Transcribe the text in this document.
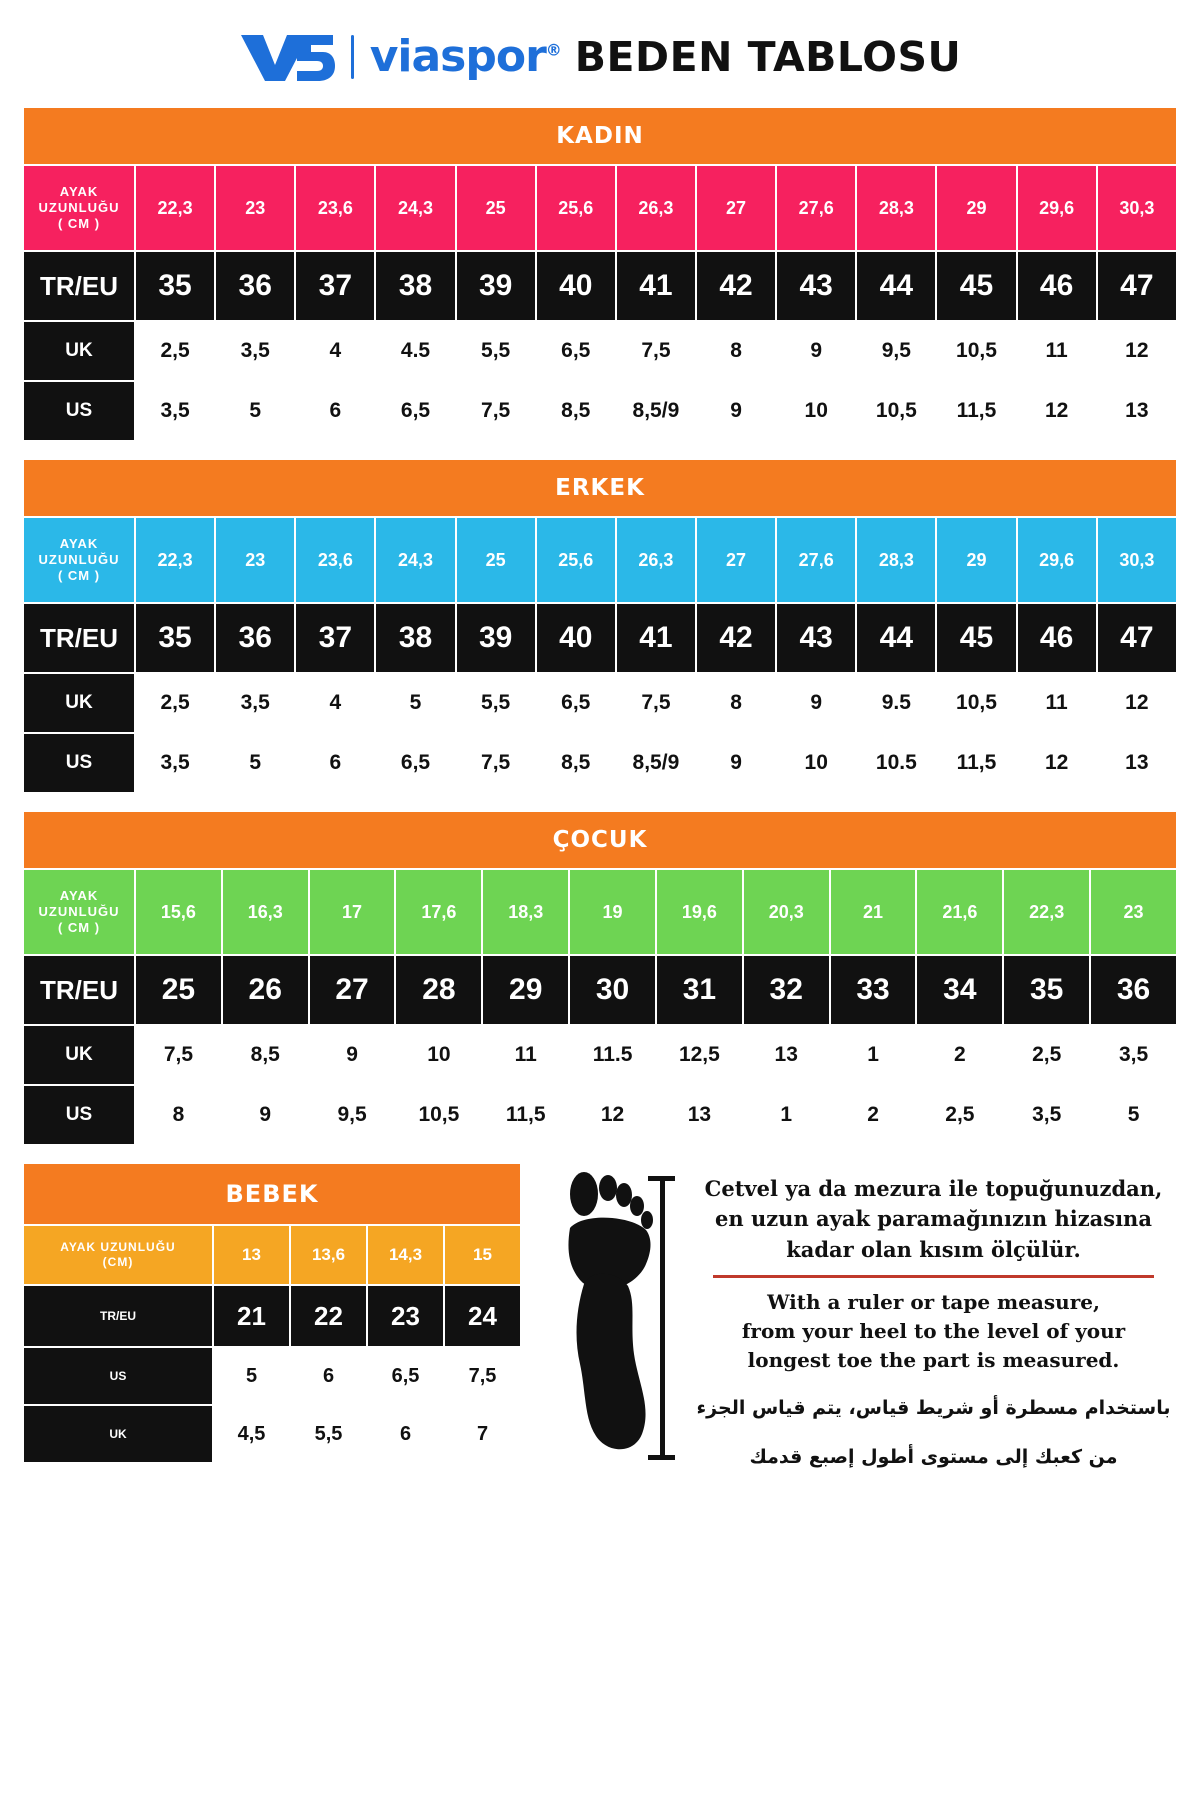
viaspor® BEDEN TABLOSU
KADIN													

AYAK
UZUNLUĞU
( CM )	22,3	23	23,6	24,3	25	25,6	26,3	27	27,6	28,3	29	29,6	30,3
TR/EU	35	36	37	38	39	40	41	42	43	44	45	46	47
UK	2,5	3,5	4	4.5	5,5	6,5	7,5	8	9	9,5	10,5	11	12
US	3,5	5	6	6,5	7,5	8,5	8,5/9	9	10	10,5	11,5	12	13
ERKEK													

AYAK
UZUNLUĞU
( CM )	22,3	23	23,6	24,3	25	25,6	26,3	27	27,6	28,3	29	29,6	30,3
TR/EU	35	36	37	38	39	40	41	42	43	44	45	46	47
UK	2,5	3,5	4	5	5,5	6,5	7,5	8	9	9.5	10,5	11	12
US	3,5	5	6	6,5	7,5	8,5	8,5/9	9	10	10.5	11,5	12	13
ÇOCUK												

AYAK
UZUNLUĞU
( CM )	15,6	16,3	17	17,6	18,3	19	19,6	20,3	21	21,6	22,3	23
TR/EU	25	26	27	28	29	30	31	32	33	34	35	36
UK	7,5	8,5	9	10	11	11.5	12,5	13	1	2	2,5	3,5
US	8	9	9,5	10,5	11,5	12	13	1	2	2,5	3,5	5
BEBEK				

AYAK UZUNLUĞU
(CM)	13	13,6	14,3	15
TR/EU	21	22	23	24
US	5	6	6,5	7,5
UK	4,5	5,5	6	7
Cetvel ya da mezura ile topuğunuzdan,
en uzun ayak paramağınızın hizasına
kadar olan kısım ölçülür.
With a ruler or tape measure,
from your heel to the level of your
longest toe the part is measured.
باستخدام مسطرة أو شريط قياس، يتم قياس الجزء
من كعبك إلى مستوى أطول إصبع قدمك
